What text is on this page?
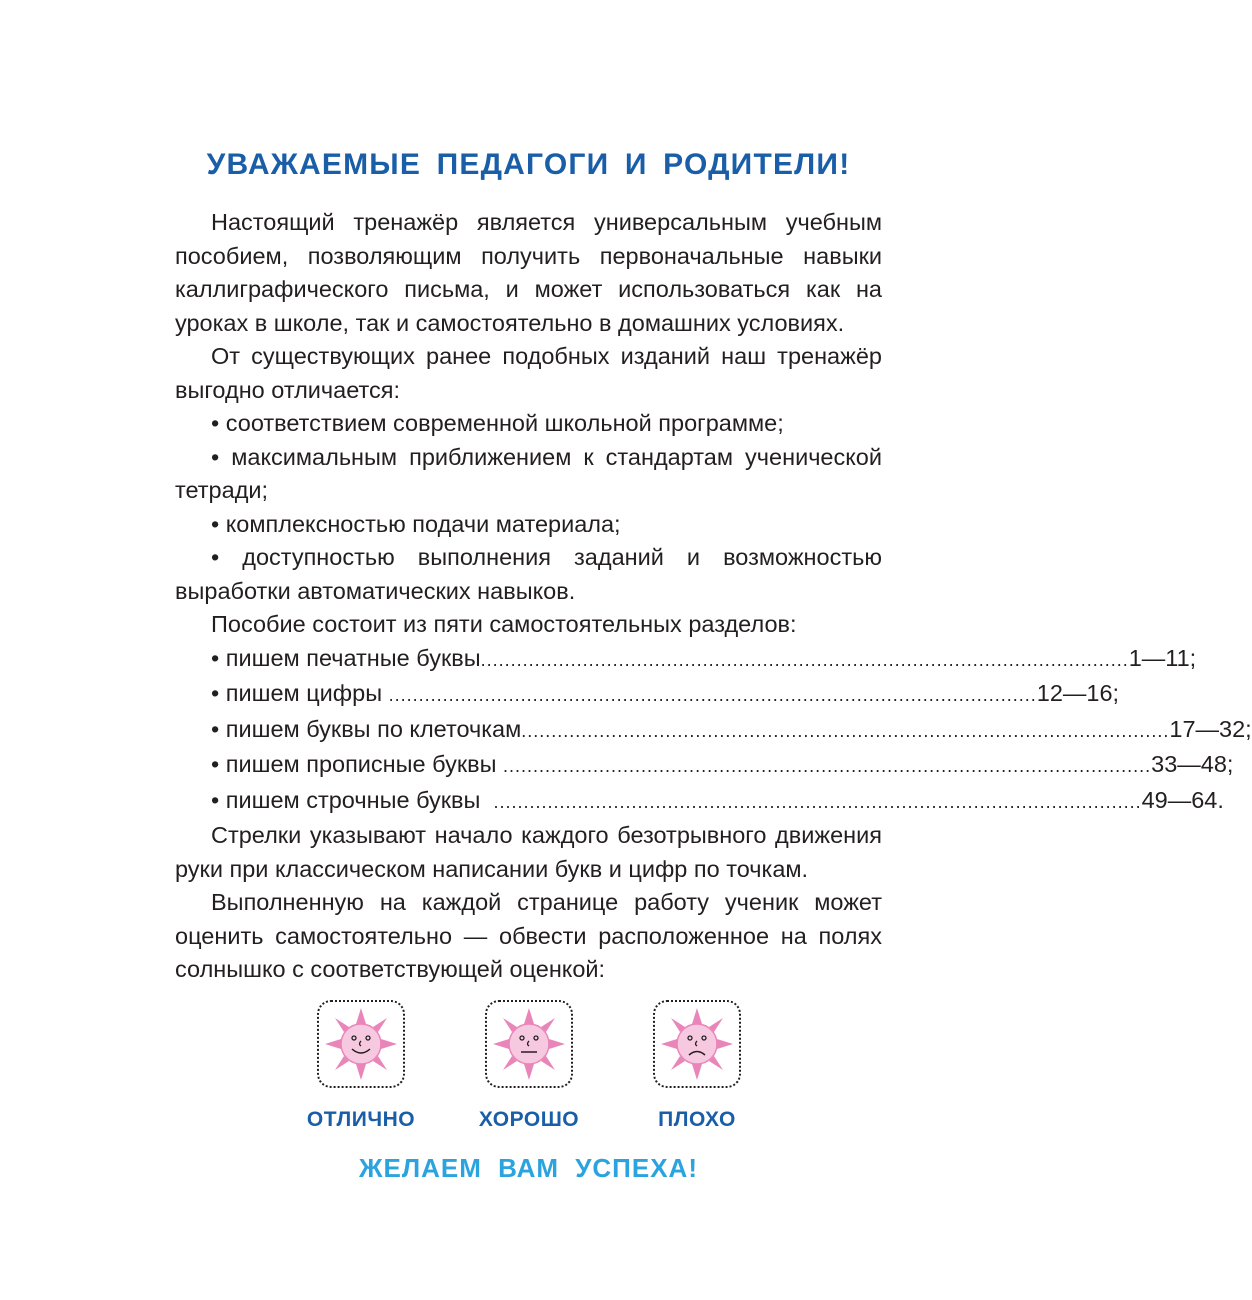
УВАЖАЕМЫЕ ПЕДАГОГИ И РОДИТЕЛИ!

Настоящий тренажёр является универсальным учебным пособием, позволяющим получить первоначальные навыки каллиграфического письма, и может использоваться как на уроках в школе, так и самостоятельно в домашних условиях.

От существующих ранее подобных изданий наш тренажёр выгодно отличается:

• соответствием современной школьной программе;

• максимальным приближением к стандартам ученической тетради;

• комплексностью подачи материала;

• доступностью выполнения заданий и возможностью выработки автоматических навыков.

Пособие состоит из пяти самостоятельных разделов:

• пишем печатные буквы ............................................................................................................ 1—11;
• пишем цифры ............................................................................................................ 12—16;
• пишем буквы по клеточкам ............................................................................................................ 17—32;
• пишем прописные буквы ............................................................................................................ 33—48;
• пишем строчные буквы ............................................................................................................ 49—64.

Стрелки указывают начало каждого безотрывного движения руки при классическом написании букв и цифр по точкам.

Выполненную на каждой странице работу ученик может оценить самостоятельно — обвести расположенное на полях солнышко с соответствующей оценкой:

ОТЛИЧНО	ХОРОШО	ПЛОХО
ЖЕЛАЕМ ВАМ УСПЕХА!
